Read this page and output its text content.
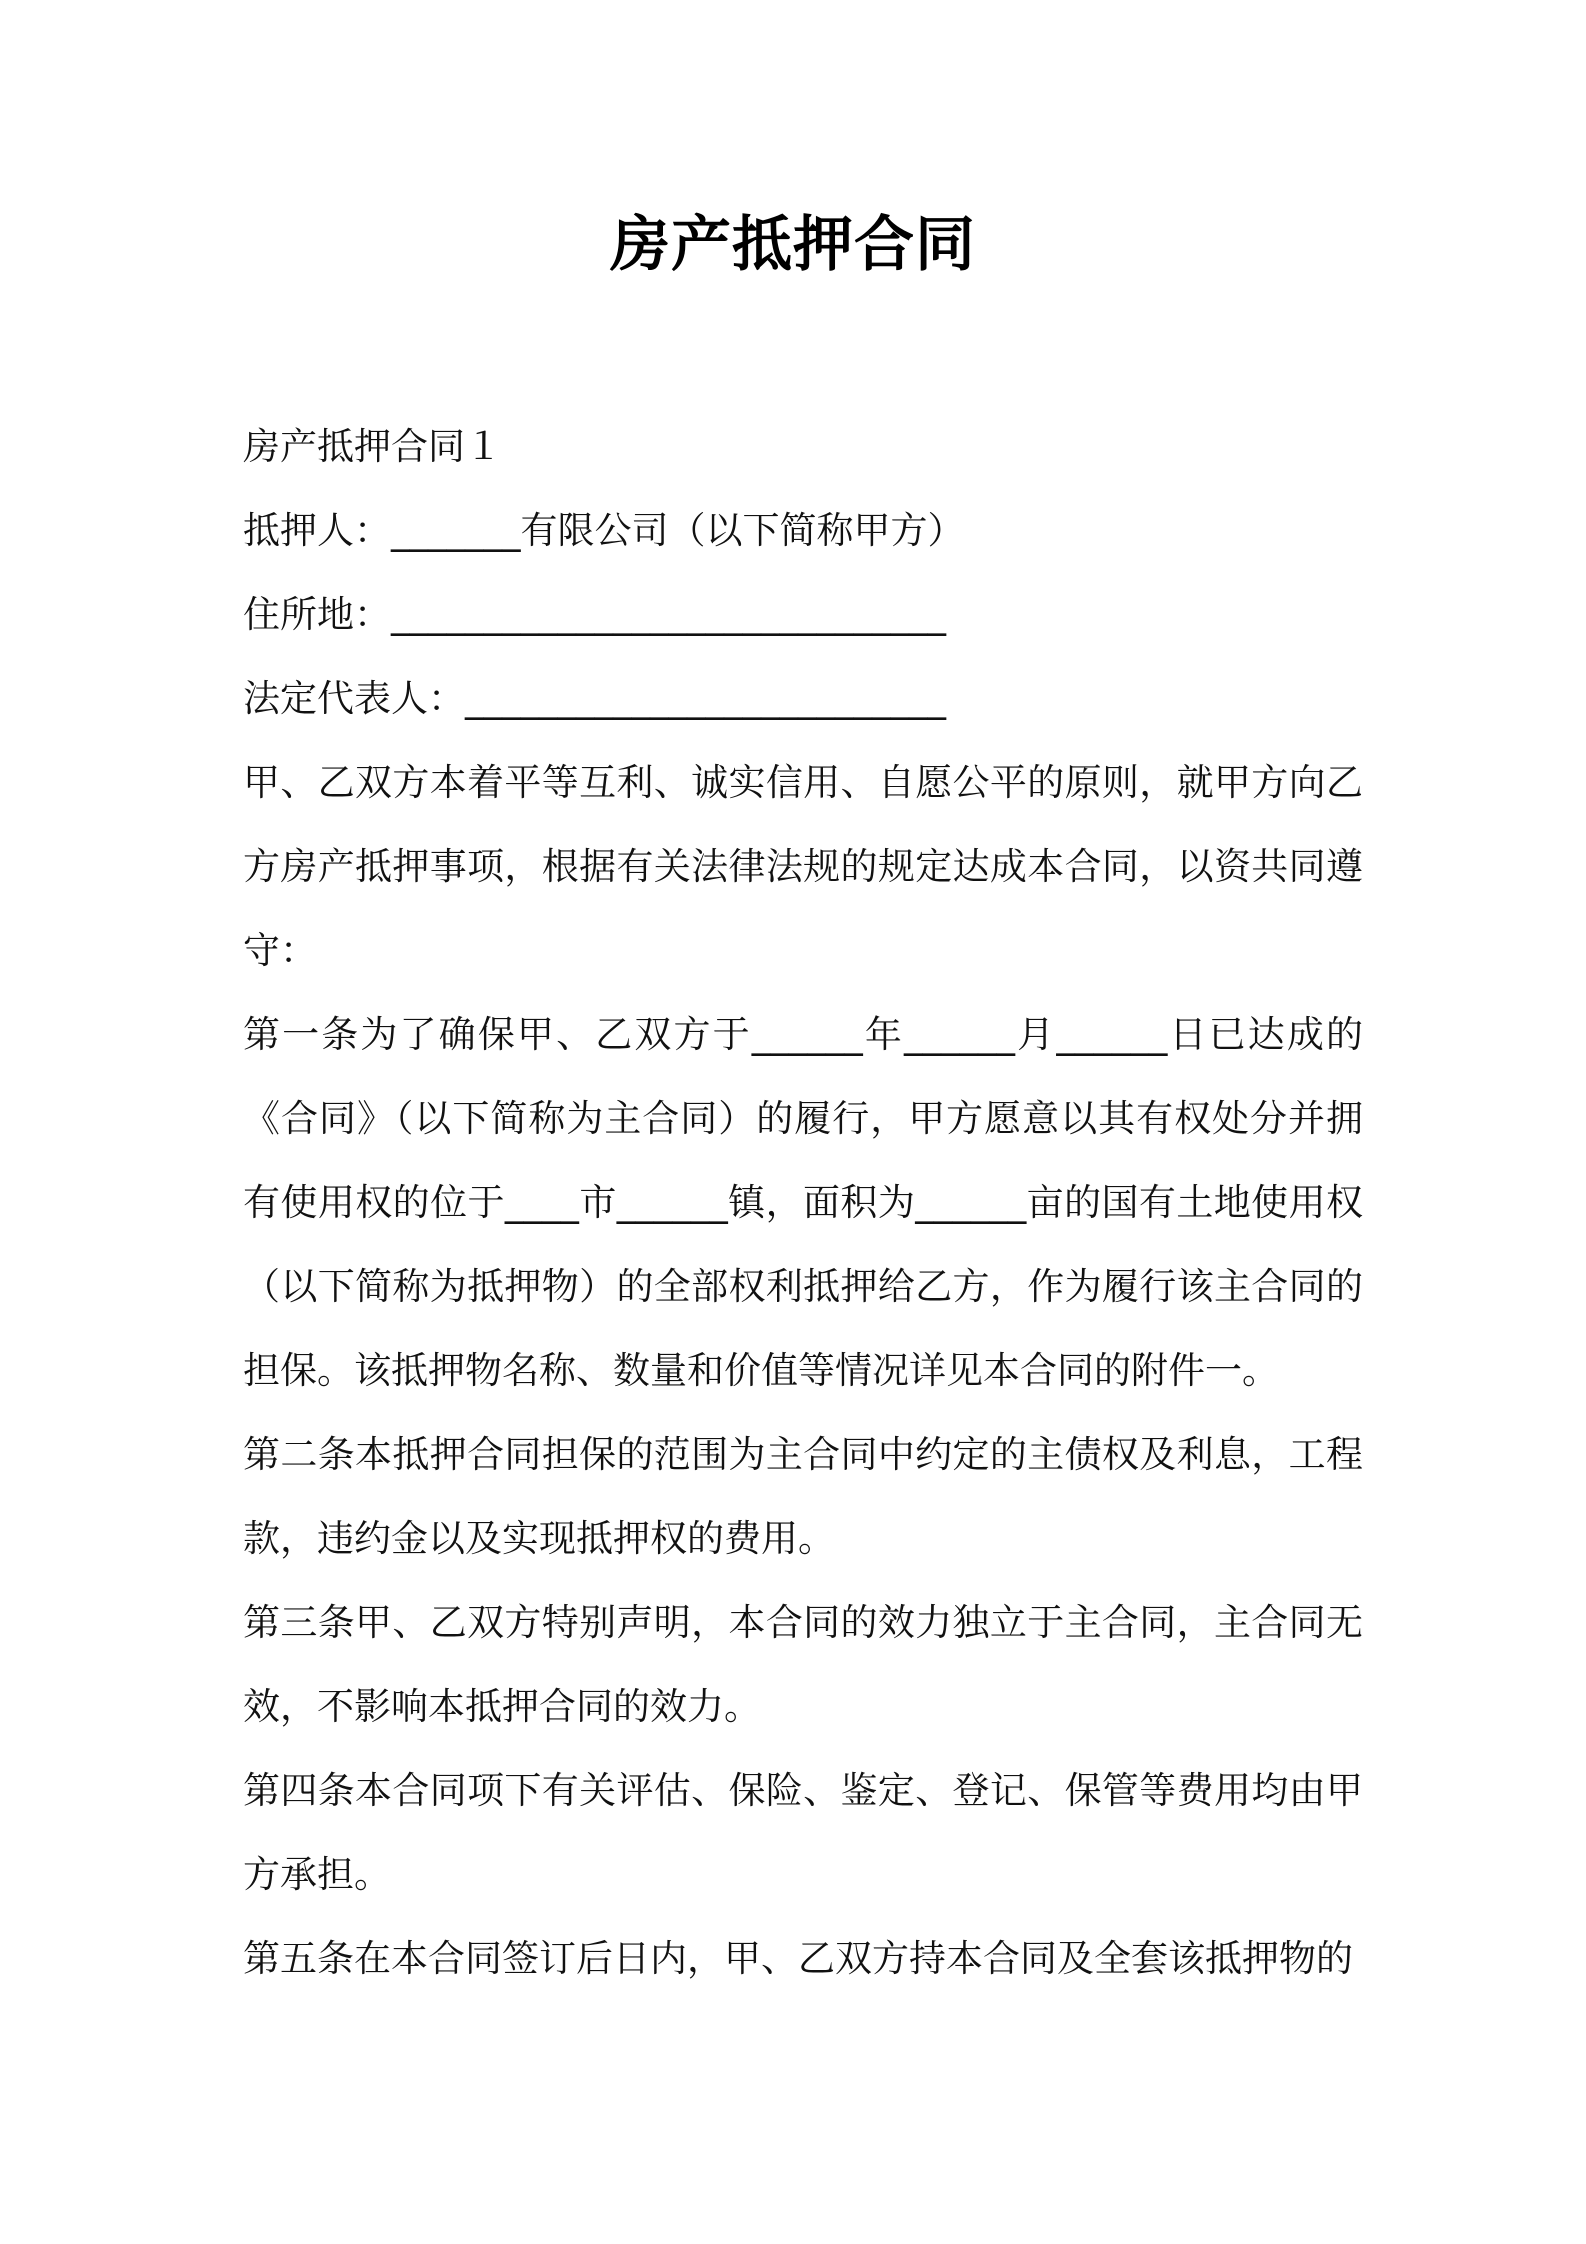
房产抵押合同

房产抵押合同１

抵押人：_______有限公司（以下简称甲方）

住所地：______________________________

法定代表人：__________________________

甲、乙双方本着平等互利、诚实信用、自愿公平的原则，就甲方向乙方房产抵押事项，根据有关法律法规的规定达成本合同，以资共同遵守：

第一条为了确保甲、乙双方于______年______月______日已达成的《合同》（以下简称为主合同）的履行，甲方愿意以其有权处分并拥有使用权的位于____市______镇，面积为______亩的国有土地使用权（以下简称为抵押物）的全部权利抵押给乙方，作为履行该主合同的担保。该抵押物名称、数量和价值等情况详见本合同的附件一。

第二条本抵押合同担保的范围为主合同中约定的主债权及利息，工程款，违约金以及实现抵押权的费用。

第三条甲、乙双方特别声明，本合同的效力独立于主合同，主合同无效，不影响本抵押合同的效力。

第四条本合同项下有关评估、保险、鉴定、登记、保管等费用均由甲方承担。

第五条在本合同签订后日内，甲、乙双方持本合同及全套该抵押物的
